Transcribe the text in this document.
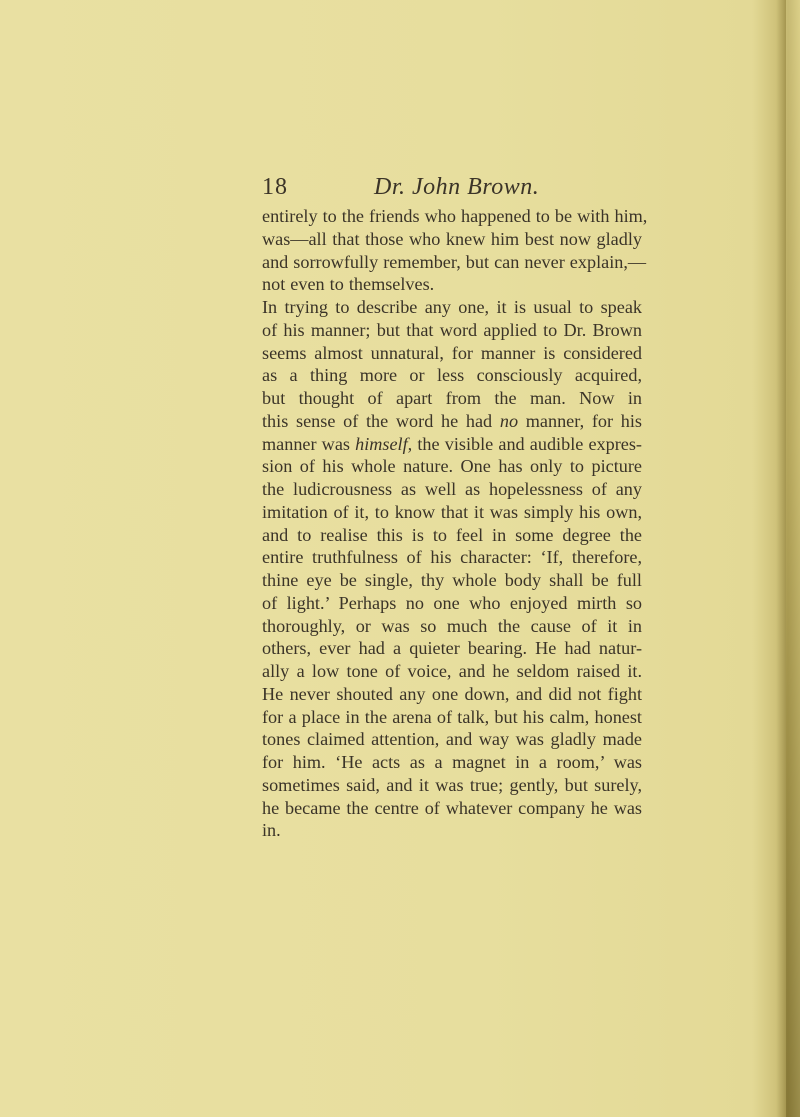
18	Dr. John Brown.

entirely to the friends who happened to be with him,
was—all that those who knew him best now gladly
and sorrowfully remember, but can never explain,—
not even to themselves.

In trying to describe any one, it is usual to speak
of his manner; but that word applied to Dr. Brown
seems almost unnatural, for manner is considered
as a thing more or less consciously acquired,
but thought of apart from the man. Now in
this sense of the word he had no manner, for his
manner was himself, the visible and audible expres-
sion of his whole nature. One has only to picture
the ludicrousness as well as hopelessness of any
imitation of it, to know that it was simply his own,
and to realise this is to feel in some degree the
entire truthfulness of his character: ‘If, therefore,
thine eye be single, thy whole body shall be full
of light.’ Perhaps no one who enjoyed mirth so
thoroughly, or was so much the cause of it in
others, ever had a quieter bearing. He had natur-
ally a low tone of voice, and he seldom raised it.
He never shouted any one down, and did not fight
for a place in the arena of talk, but his calm, honest
tones claimed attention, and way was gladly made
for him. ‘He acts as a magnet in a room,’ was
sometimes said, and it was true; gently, but surely,
he became the centre of whatever company he was
in.
